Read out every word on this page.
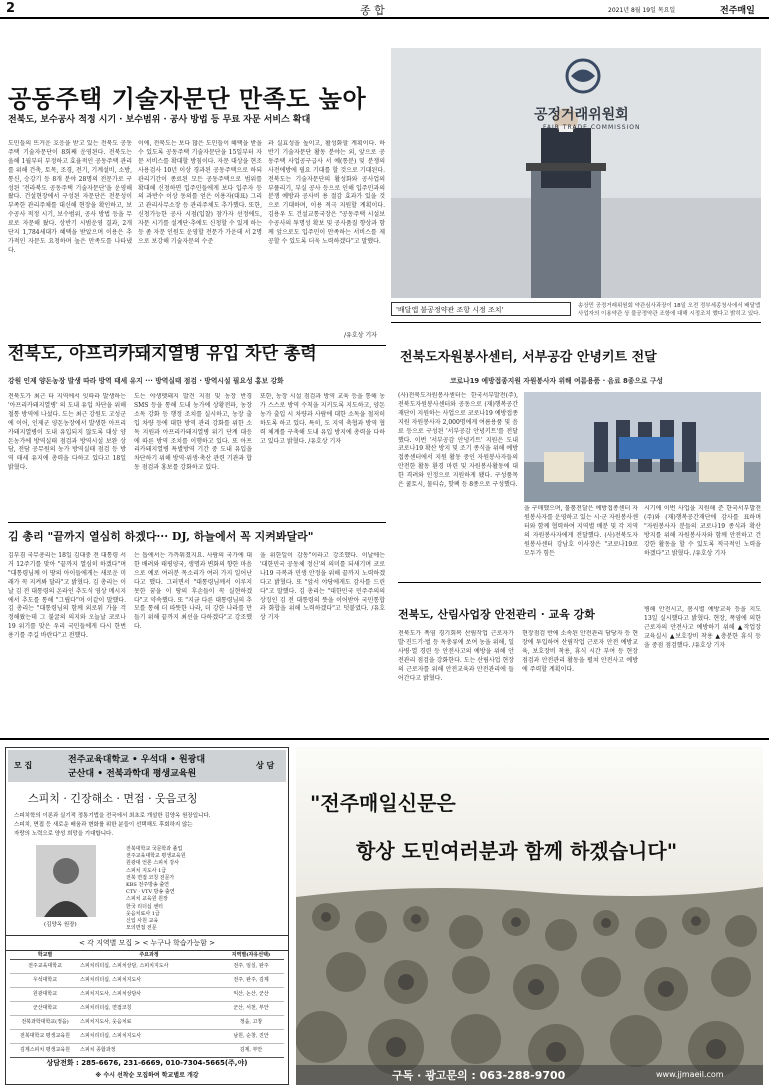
2	종 합	2021년 8월 19일 목요일	전주매일
공동주택 기술자문단 만족도 높아
전북도, 보수공사 적정 시기 · 보수범위 · 공사 방법 등 무료 자문 서비스 확대
도민들의 뜨거운 호응을 받고 있는 전북도 공동주택 기술자문단이 8회째 운영된다. 전북도는 올해 1월부터 부정하고 효율적인 공동주택 관리를 위해 건축, 토목, 조경, 전기, 기계설비, 소방, 통신, 승강기 등 8개 분야 28명의 전문가로 구성된 '전라북도 공동주택 기술자문단'을 운영해왔다. 건설현장에서 구성된 자문단은 전문성이 부족한 관리주체를 대신해 현장을 확인하고, 보수공사 적정 시기, 보수범위, 공사 방법 등을 무료로 자문해 왔다. 상반기 시범운영 결과, 2개 단지 1,784세대가 혜택을 받았으며 이용은 추가적인 자문도 요청하며 높은 만족도를 나타냈다.
이에, 전북도는 보다 많은 도민들이 혜택을 받을 수 있도록 공동주택 기술자문단을 15일부터 자문 서비스를 확대할 방침이다. 자문 대상을 현조 사용검사 10년 이상 경과된 공동주택으로 하되 관리기간이 종료된 모든 공동주택으로 범위를 확대해 신청하면 입주민들에게 보다 입주자 등의 과반수 이상 동의를 얻은 이용자(대표) 그리고 관리사무소장 등 관리주체도 추가했다. 또한, 신청가능한 공사 시점(입찰) 참가자 선정에도, 자문 시기를 설계단·추에도 신청할 수 있게 하는 등 좀 자문 인원도 운영할 전문가 가운데 서 2명으로 보강해 기술자문의 수준
과 실효성을 높이고, 활성화할 계획이다. 하반기 기술자문단 활동 분야는 외, 앞으로 공동주택 사업공구급사 서 예(통분) 및 분쟁의 사전에방에 필요 기대를 할 것으로 기대된다. 전북도는 기술자문단의 활성화와 공사업의 부풀리기, 부실 공사 등으로 인해 입주민과의 분쟁 예방과 공사비 용 절감 효과가 있을 것으로 기대하며, 이용 적극 지원할 계획이다. 김용우 도 건설교통국장은 "공동주택 시설보수공사의 투명성 확보 및 공사품질 향상과 함께 앞으로도 입주민이 만족하는 서비스를 제공할 수 있도록 더욱 노력하겠다"고 말했다.
/유호상 기자
공정거래위원회
FAIR TRADE COMMISSION
'배달앱 불공정약관 조항 시정 조치'	송상민 공정거래위원회 약관심사과장이 18일 오전 정부세종청사에서 배달앱 사업자의 이용약관 상 불공정약관 조항에 대해 시정조치 했다고 밝히고 있다.
전북도, 아프리카돼지열병 유입 차단 총력
강원 인제 양돈농장 발생 따라 방역 태세 유지 ··· 방역실태 점검 · 방역시설 필요성 홍보 강화
전북도가 최근 타 지역에서 잇따라 발생하는 '아프리카돼지열병' 의 도내 유입 차단을 위해 철통 방역에 나섰다. 도는 최근 강원도 고성군에 이어, 인제군 양돈농장에서 발생한 아프리카돼지열병이 도내 유입되지 않도록 대상 양돈농가에 방역실태 점검과 방역시설 보완 상담, 전담 공무원의 농가 방역실태 점검 등 방역 태세 유지에 총력을 다하고 있다고 18일 밝혔다.
도는 야생멧돼지 발견 지점 및 농장 반경 SMS 등을 통해 도내 농가에 상황전파, 농장 소독 강화 등 행정 조치를 실시하고, 농장 출입 차량 등에 대한 방역 관리 강화를 위한 소독 지원과 아프리카돼지열병 위기 단계 대응에 따른 방역 조치를 이행하고 있다. 또 아프리카돼지열병 특별방역 기간 중 도내 유입을 차단하기 위해 방역·위생·축산 관련 기관과 합동 점검과 홍보를 강화하고 있다.
또한, 농장 시설 점검과 방역 교육 등을 통해 농가 스스로 방역 수칙을 지키도록 지도하고, 양돈농가 출입 시 차량과 사람에 대한 소독을 철저히 하도록 하고 있다. 특히, 도 지역 축협과 방역 협력 체계를 구축해 도내 유입 방지에 총력을 다하고 있다고 밝혔다. /유호상 기자
김 총리 "끝까지 열심히 하겠다··· DJ, 하늘에서 꼭 지켜봐달라"
김부겸 국무총리는 18일 김대중 전 대통령 서거 12주기를 맞아 "끝까지 열심히 하겠다"며 "대통령님께 이 땅의 아이들에게는 새로운 미래가 꼭 지켜봐 달라"고 밝혔다. 김 총리는 이날 김 전 대통령의 온라인 추도식 영상 메시지에서 추도를 통해 "그립다"며 이같이 말했다. 김 총리는 "대통령님의 함께 외로워 가을 걱정해왔는데 그 불굴의 의지와 오늘날 코로나19 위기를 맞은 우리 국민들에게 다시 한번 용기를 주길 바란다"고 전했다.
는 돕에서는 가까워졌지요. 사람의 국가에 대한 배려와 태평양국, 생명과 변화의 향한 마음으로 예로 여러분 목소리가 여러 가지 일어난다고 했다. 그러면서 "대통령님께서 이루지 못한 꿈을 이 땅의 후손들이 꼭 실현하겠다"고 약속했다. 또 "지금 다른 대통령님의 추모를 통해 더 따뜻한 나라, 더 강한 나라를 만들기 위해 끝까지 최선을 다하겠다"고 강조했다.
을 위한일이 감동"이라고 강조했다. 이날에는 '대한민국 공동체 정신'의 의미를 되새기며 코로나19 극복과 민생 안정을 위해 끝까지 노력하겠다고 밝혔다. 또 "앞서 야당에게도 감사를 드린다"고 말했다. 김 총리는 "대한민국 민주주의의 상징인 김 전 대통령의 뜻을 이어받아 국민통합과 화합을 위해 노력하겠다"고 덧붙였다. /유호상 기자
전북도자원봉사센터, 서부공감 안녕키트 전달
코로나19 예방접종지원 자원봉사자 위해 여름용품 · 음료 8종으로 구성
(사)전북도자원봉사센터는 한국서부발전(주), 전북도자원봉사센터와 공동으로 (재)행복공간재단이 지원하는 사업으로 코로나19 예방접종지원 자원봉사자 2,000명에게 여름용품 및 음료 등으로 구성된 '서부공감 안녕키트'를 전달했다. 이번 '서부공감 안녕키트' 지원은 도내 코로나19 확산 방지 및 조기 종식을 위해 예방접종센터에서 지원 활동 중인 자원봉사자들의 안전한 활동 환경 마련 및 자원봉사활동에 대한 격려와 인정으로 지원하게 됐다. 구성품목은 쿨토시, 물티슈, 핫팩 등 8종으로 구성했다.
을 구매했으며, 물품전달은 예방접종센터 자원봉사자를 운영하고 있는 시·군 자원봉사센터와 함께 협력하여 지역별 배분 및 각 지역의 자원봉사자에게 전달했다. (사)전북도자원봉사센터 강남호 이사장은 "코로나19로 모두가 힘든
시기에 이번 사업을 지원해 준 한국서부발전(주)와 (재)행복공간재단에 감사를 표하며 "자원봉사자 분들의 코로나19 종식과 확산 방지를 위해 자원봉사자와 함께 안전하고 건강한 활동을 할 수 있도록 적극적인 노력을 하겠다"고 밝혔다. /유호상 기자
전북도, 산림사업장 안전관리 · 교육 강화
전북도가 폭염 경기회복 산림작업 근로자가 발·진드기·벌 등 독충류에 쏘여 농을 위해, 일사병·열 경련 등 안전사고의 예방을 위해 안전관리 점검을 강화한다. 도는 산림사업 현장의 근로자를 위해 안전교육과 안전관리에 들어간다고 밝혔다.
현장점검 반에 소속된 안전관리 담당자 등 현장에 투입하여 산림작업 근로자 안전 예방교육, 보호장비 착용, 휴식 시간 부여 등 현장 점검과 안전관리 활동을 펼쳐 안전사고 예방에 주력할 계획이다.
병해 안전시고, 봄시별 예방교육 등을 지도 13일 실시했다고 밝혔다. 현장, 폭염에 의한 근로자의 안전사고 예방하기 위해 ▲작업장 교육실시 ▲보호장비 착용 ▲충분한 휴식 등을 중점 점검했다. /유호상 기자
모 집	상 담
전주교육대학교 • 우석대 • 원광대
군산대 • 전북과학대 평생교육원
스피치 · 긴장해소 · 면접 · 웃음코칭
스피치학의 이론과 실기적 정통기법을 전국에서 최초로 개설한 김양옥 원장입니다.
스피치, 면접 등 새로운 배움과 변화를 위한 분들이 선택해도 후회하지 않는
자랑의 노력으로 양성 희망을 기대합니다.
(김양옥 원장)
전북대학교 국문학과 졸업
전주교육대학교 평생교육원
원광대 언론 스피치 강사
스피치 지도사 1급
전북 면접 코칭 전문가
KBS 전주방송 출연
CTV · VTV 방송 출연
스피치 교육원 원장
한국 리더십 센터
웃음치료사 1급
신입 사원 교육
모의면접 전문
< 각 지역별 모집 > < 누구나 학습가능함 >
학교별	주요과정	지역별(자유선택)
전주교육대학교	스피치리더십, 스피치상담, 스피치지도사	전주, 임실, 완주
우석대학교	스피치리더십, 스피치지도사	전주, 완주, 김제
원광대학교	스피치지도사, 스피치상담사	익산, 논산, 군산
군산대학교	스피치리더십, 면접코칭	군산, 서천, 부안
전북과학대학교(정읍)	스피치지도사, 웃음치료	정읍, 고창
전북대학교 평생교육원	스피치리더십, 스피치지도사	남원, 순창, 진안
김제스피치 평생교육원	스피치 종합과정	김제, 부안
상담전화 : 285-6676, 231-6669, 010-7304-5665(주,야)
※ 수시 선착순 모집하여 학교별로 개강
"전주매일신문은
항상 도민여러분과 함께 하겠습니다"
구독 · 광고문의 : 063-288-9700	www.jjmaeil.com
